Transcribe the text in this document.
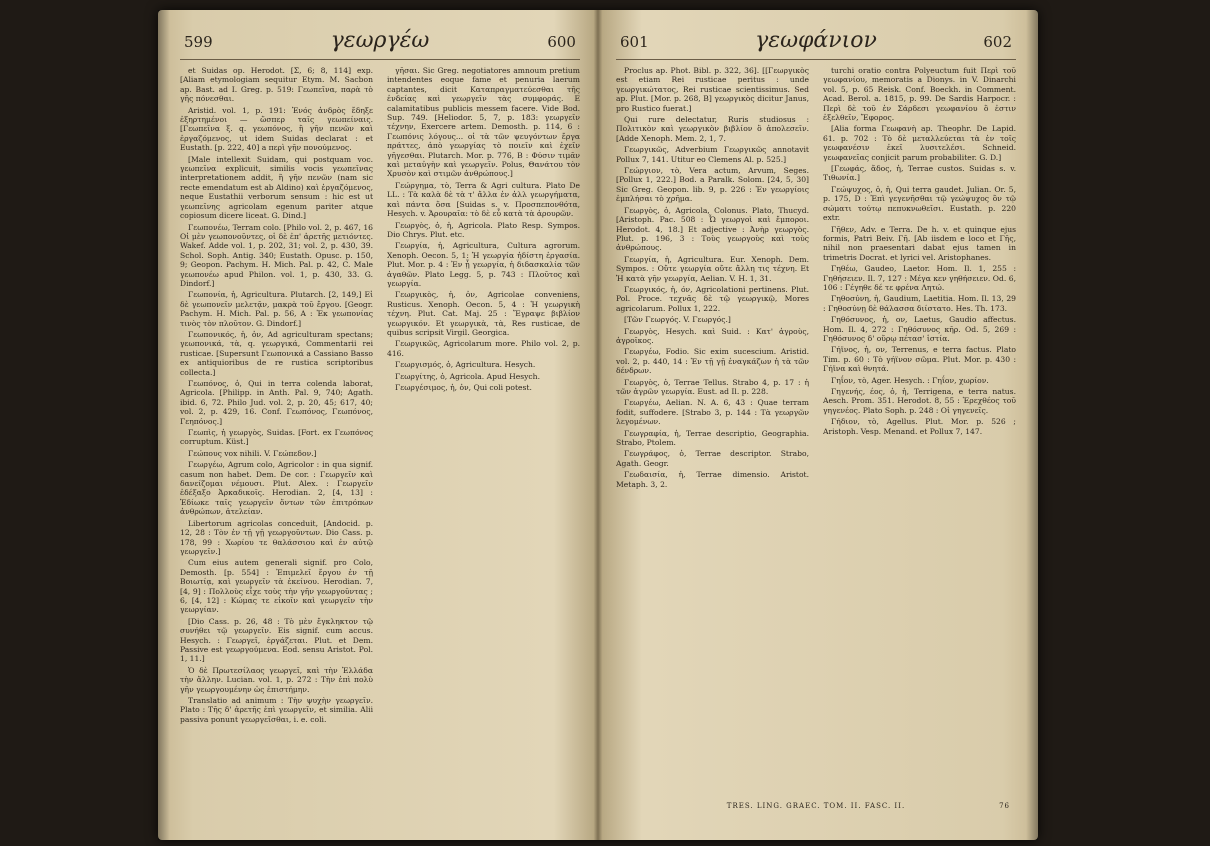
599	γεωργέω	600

et Suidas op. Herodot. [Σ, 6; 8, 114] exp. [Aliam etymologiam sequitur Etym. M. Sacbon ap. Bast. ad I. Greg. p. 519: Γεωπεῖνα, παρὰ τὸ γῆς πόνεσθαι.

Aristid. vol. 1, p. 191: Ἐνός ἀνδρὸς ἔδηξε ἐξηρτημένοι — ὥσπερ ταῖς γεωπείναις. [Γεωπεῖνα ξ. q. γεωπόνος, ἢ γῆν πενῶν καὶ ἐργαζόμενος, ut idem Suidas declarat : et Eustath. [p. 222, 40] a περὶ γῆν πονούμενος.

[Male intellexit Suidam, qui postquam voc. γεωπεῖνα explicuit, similis vocis γεωπεῖνας interpretationem addit, ἢ γῆν πενῶν (nam sic recte emendatum est ab Aldino) καὶ ἐργαζόμενος, neque Eustathii verborum sensum : hic est ut γεωπεῖνης agricolam egenum pariter atque copiosum dicere liceat. G. Dind.]

Γεωπονέω, Terram colo. [Philo vol. 2, p. 467, 16 Οἱ μὲν γεωπονοῦντες, οἱ δὲ ἐπ' ἀρετῆς μετιόντες. Wakef. Adde vol. 1, p. 202, 31; vol. 2, p. 430, 39. Schol. Soph. Antig. 340; Eustath. Opusc. p. 150, 9; Geopon. Pachym. H. Mich. Pal. p. 42, C. Male γεωπονέω apud Philon. vol. 1, p. 430, 33. G. Dindorf.]

Γεωπονία, ἡ, Agricultura. Plutarch. [2, 149,] Εἰ δὲ γεωπονεῖν μελετᾷν, μακρὰ τοῦ ἔργου. [Geogr. Pachym. H. Mich. Pal. p. 56, A : Ἐκ γεωπονίας τινὸς τὸν πλοῦτον. G. Dindorf.]

Γεωπονικός, ἡ, ὀν, Ad agriculturam spectans; γεωπονικά, τὰ, q. γεωργικά, Commentarii rei rusticae. [Supersunt Γεωπονικά a Cassiano Basso ex antiquioribus de re rustica scriptoribus collecta.]

Γεωπόνος, ὁ, Qui in terra colenda laborat, Agricola. [Philipp. in Anth. Pal. 9, 740; Agath. ibid. 6, 72. Philo Jud. vol. 2, p. 20, 45; 617, 40; vol. 2, p. 429, 16. Conf. Γεωπόνος, Γεωπόνος, Γεηπόνος.]

Γεωπὶς, ἡ γεωργὸς, Suidas. [Fort. ex Γεωπόνος corruptum. Küst.]

Γεώπους vox nihili. V. Γεώπεδον.]

Γεωργέω, Agrum colo, Agricolor : in qua signif. casum non habet. Dem. De cor. : Γεωργεῖν καὶ δανείζομαι νέμουσι. Plut. Alex. : Γεωργεῖν ἐδέξαξο Ἀρκαδικοῖς. Herodian. 2, [4, 13] : Ἐδίωκε ταῖς γεωργεῖν ὄντων τῶν ἐπιτρόπων ἀνθρώπων, ἀτελείαν.

Libertorum agricolas conceduit, [Andocid. p. 12, 28 : Τὸν ἐν τῇ γῇ γεωργοῦντων. Dio Cass. p. 178, 99 : Χωρίου τε θαλάσσιου καὶ ἐν αὐτῷ γεωργεῖν.]

Cum eius autem generali signif. pro Colo, Demosth. [p. 554] : Ἐπιμελεῖ ἔργου ἐν τῇ Βοιωτίᾳ, καὶ γεωργεῖν τὰ ἐκείνου. Herodian. 7, [4, 9] : Πολλοὺς εἶχε τοὺς τὴν γῆν γεωργοῦντας ; 6, [4, 12] : Κώμας τε εἰκοῖν καὶ γεωργεῖν τὴν γεωργίαν.

[Dio Cass. p. 26, 48 : Τὸ μὲν ἔγκληκτον τῷ συνήθει τῷ γεωργεῖν. Eis signif. cum accus. Hesych. : Γεωργεῖ, ἐργάζεται. Plut. et Dem. Passive est γεωργούμενα. Eod. sensu Aristot. Pol. 1, 11.]

Ὁ δὲ Πρωτεσίλαος γεωργεῖ, καὶ τὴν Ἑλλάδα τὴν ἄλλην. Lucian. vol. 1, p. 272 : Τὴν ἐπὶ πολὺ γῆν γεωργουμένην ὡς ἐπιστήμην.

Translatio ad animum : Τὴν ψυχὴν γεωργεῖν. Plato : Τῆς δ' ἀρετῆς ἐπὶ γεωργεῖν, et similia. Alii passiva ponunt γεωργεῖσθαι, i. e. coli.

γῆσαι. Sic Greg. negotiatores amnoum pretium intendentes eoque fame et penuria laerum captantes, dicit Καταπραγματεύεσθαι τῆς ἐνδείας καὶ γεωργεῖν τὰς συμφοράς. E calamitatibus publicis messem facere. Vide Bod. Sup. 749. [Heliodor. 5, 7, p. 183: γεωργεῖν τέχνην, Exercere artem. Demosth. p. 114, 6 : Γεωπόνις λόγους... οἱ τὰ τῶν ψευγόντων ἔργα πράττες, ἀπὸ γεωργίας τὸ ποιεῖν καὶ ἐχεῖν γῆγεσθαι. Plutarch. Mor. p. 776, B : Φύσιν τιμᾶν καὶ μεταὐγὴν καὶ γεωργεῖν. Polus, Θανάτου τὸν Χρυσὸν καὶ στιμῶν ἀνθρώπους.]

Γεώργημα, τὸ, Terra & Agri cultura. Plato De LL. : Τὰ καλὰ δὲ τὰ τ' ἄλλα ἐν ἀλλ γεωργήματα, καὶ πάντα ὅσα [Suidas s. v. Προσπεπονθότα, Hesych. v. Ἀρουραῖα: τὸ δὲ εὖ κατὰ τὰ ἀρουρῶν.

Γεωργὸς, ὁ, ἡ, Agricola. Plato Resp. Sympos. Dio Chrys. Plut. etc.

Γεωργία, ἡ, Agricultura, Cultura agrorum. Xenoph. Oecon. 5, 1: Ἡ γεωργία ἡδίστη ἐργασία. Plut. Mor. p. 4 : Ἐν ᾗ γεωργία, ἡ διδασκαλία τῶν ἀγαθῶν. Plato Legg. 5, p. 743 : Πλοῦτος καὶ γεωργία.

Γεωργικὸς, ἡ, ὀν, Agricolae conveniens, Rusticus. Xenoph. Oecon. 5, 4 : Ἡ γεωργικὴ τέχνη. Plut. Cat. Maj. 25 : Ἔγραψε βιβλίον γεωργικόν. Et γεωργικὰ, τὰ, Res rusticae, de quibus scripsit Virgil. Georgica.

Γεωργικῶς, Agricolarum more. Philo vol. 2, p. 416.

Γεωργισμός, ὁ, Agricultura. Hesych.

Γεωργίτης, ὁ, Agricola. Apud Hesych.

Γεωργέσιμος, ἡ, ὁν, Qui coli potest.

601	γεωφάνιον	602

Proclus ap. Phot. Bibl. p. 322, 36]. [[Γεωργικὸς est etiam Rei rusticae peritus : unde γεωργικώτατος, Rei rusticae scientissimus. Sed ap. Plut. [Mor. p. 268, B] γεωργικὸς dicitur Janus, pro Rustico fuerat.]

Qui rure delectatur, Ruris studiosus : Πολιτικὸν καὶ γεωργικὸν βιβλίον ὃ ἀπολεσεῖν. [Adde Xenoph. Mem. 2, 1, 7.

Γεωργικῶς, Adverbium Γεωργικῶς annotavit Pollux 7, 141. Utitur eo Clemens Al. p. 525.]

Γεώργιον, τὸ, Vera actum, Arvum, Seges. [Pollux 1, 222.] Bod. a Paralk. Solom. [24, 5, 30] Sic Greg. Geopon. lib. 9, p. 226 : Ἐν γεωργίοις ἐμπλήσαι τὸ χρῆμα.

Γεωργὸς, ὁ, Agricola, Colonus. Plato, Thucyd. [Aristoph. Pac. 508 : Ὦ γεωργοὶ καὶ ἔμποροι. Herodot. 4, 18.] Et adjective : Ἀνὴρ γεωργὸς. Plut. p. 196, 3 : Τοὺς γεωργοὺς καὶ τοὺς ἀνθρώπους.

Γεωργία, ἡ, Agricultura. Eur. Xenoph. Dem. Sympos. : Οὔτε γεωργία οὔτε ἄλλη τις τέχνη. Et Ἡ κατὰ γῆν γεωργία, Aelian. V. H. 1, 31.

Γεωργικός, ἡ, όν, Agricolationi pertinens. Plut. Pol. Proce. τεχνᾶς δὲ τῷ γεωργικῷ, Mores agricolarum. Pollux 1, 222.

[Τῶν Γεωργός. V. Γεωργός.]

Γεωργὸς, Hesych. καὶ Suid. : Κατ' ἀγροὺς, ἀγροῖκος.

Γεωργέω, Fodio. Sic exim sucescium. Aristid. vol. 2, p. 440, 14 : Ἐν τῇ γῇ ἐναγκάζων ἡ τὰ τῶν δένδρων.

Γεωργὸς, ὁ, Terrae Tellus. Strabo 4, p. 17 : ἡ τῶν ἀγρῶν γεωργία. Eust. ad Il. p. 228.

Γεωργέω, Aelian. N. A. 6, 43 : Quae terram fodit, suffodere. [Strabo 3, p. 144 : Τὰ γεωργῶν λεγομένων.

Γεωγραφία, ἡ, Terrae descriptio, Geographia. Strabo, Ptolem.

Γεωγράφος, ὁ, Terrae descriptor. Strabo, Agath. Geogr.

Γεωδαισία, ἡ, Terrae dimensio. Aristot. Metaph. 3, 2.

turchi oratio contra Polyeuctum fuit Περὶ τοῦ γεωφανίου, memoratis a Dionys. in V. Dinarchi vol. 5, p. 65 Reisk. Conf. Boeckh. in Comment. Acad. Berol. a. 1815, p. 99. De Sardis Harpocr. : Περὶ δὲ τοῦ ἐν Σάρδεσι γεωφανίου ὃ ἐστιν ἐξελθεῖν, Ἔφορος.

[Alia forma Γεωφανὴ ap. Theophr. De Lapid. 61. p. 702 : Τὸ δὲ μεταλλεύεται τὰ ἐν τοῖς γεωφανέσιν ἐκεῖ λυσιτελέσι. Schneid. γεωφανεῖας conjicit parum probabiliter. G. D.]

[Γεωφάς, ἄδος, ἡ, Terrae custos. Suidas s. v. Τιθωνία.]

Γεώψυχος, ὁ, ἡ, Qui terra gaudet. Julian. Or. 5, p. 175, D : Ἐπὶ γεγενῆσθαι τῷ γεώψυχος ὂν τῷ σώματι τούτῳ πεπυκνωθεῖσι. Eustath. p. 220 extr.

Γῆθεν, Adv. e Terra. De h. v. et quinque ejus formis, Patri Beiv. Γῆ. [Ab iisdem e loco et Γῆς, nihil non praesentari dabat ejus tamen in trimetris Docrat. et lyrici vel. Aristophanes.

Γηθέω, Gaudeo, Laetor. Hom. Il. 1, 255 : Γηθήσειεν. Il. 7, 127 : Μέγα κεν γηθήσειεν. Od. 6, 106 : Γέγηθε δέ τε φρένα Λητώ.

Γηθοσύνη, ἡ, Gaudium, Laetitia. Hom. Il. 13, 29 : Γηθοσύνῃ δὲ θάλασσα διίστατο. Hes. Th. 173.

Γηθόσυνος, ἡ, ον, Laetus, Gaudio affectus. Hom. Il. 4, 272 : Γηθόσυνος κῆρ. Od. 5, 269 : Γηθόσυνος δ' οὔρῳ πέτασ' ἱστία.

Γήϊνος, ἡ, ον, Terrenus, e terra factus. Plato Tim. p. 60 : Τὸ γήϊνον σῶμα. Plut. Mor. p. 430 : Γήϊνα καὶ θνητά.

Γηΐον, τὸ, Ager. Hesych. : Γηΐον, χωρίον.

Γηγενής, έος, ὁ, ἡ, Terrigena, e terra natus. Aesch. Prom. 351. Herodot. 8, 55 : Ἐρεχθέος τοῦ γηγενέος. Plato Soph. p. 248 : Οἱ γηγενεῖς.

Γήδιον, τὸ, Agellus. Plut. Mor. p. 526 ; Aristoph. Vesp. Menand. et Pollux 7, 147.

TRES. LING. GRAEC. TOM. II. FASC. II.	76
